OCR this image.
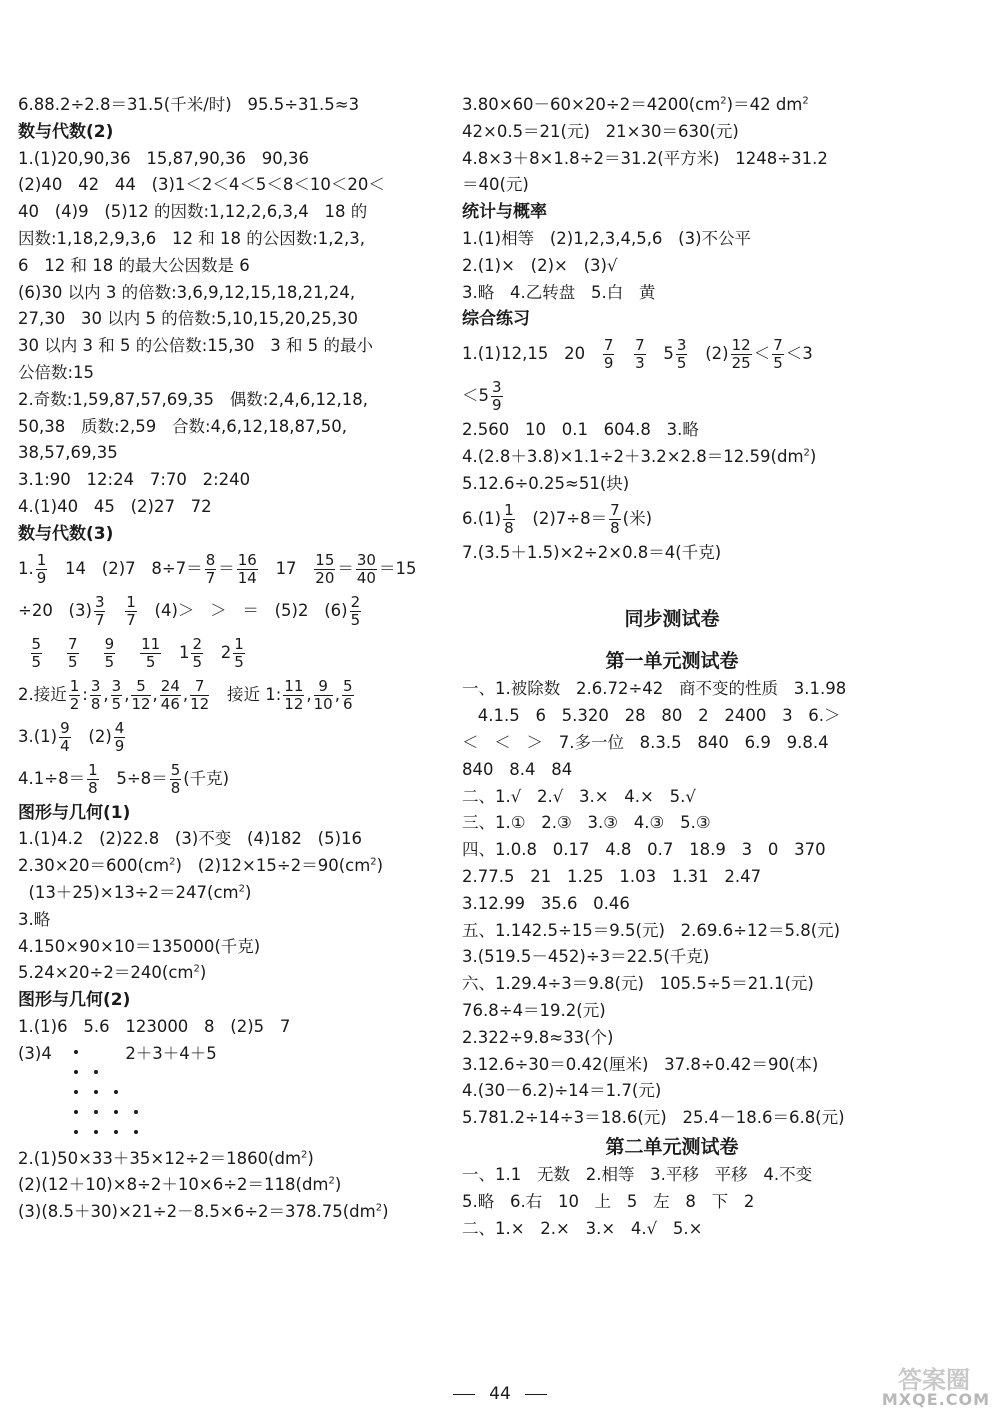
6.88.2÷2.8＝31.5(千米/时)   95.5÷31.5≈3
数与代数(2)
1.(1)20,90,36   15,87,90,36   90,36
(2)40   42   44   (3)1＜2＜4＜5＜8＜10＜20＜
40   (4)9   (5)12 的因数:1,12,2,6,3,4   18 的
因数:1,18,2,9,3,6   12 和 18 的公因数:1,2,3,
6   12 和 18 的最大公因数是 6
(6)30 以内 3 的倍数:3,6,9,12,15,18,21,24,
27,30   30 以内 5 的倍数:5,10,15,20,25,30
30 以内 3 和 5 的公倍数:15,30   3 和 5 的最小
公倍数:15
2.奇数:1,59,87,57,69,35   偶数:2,4,6,12,18,
50,38   质数:2,59   合数:4,6,12,18,87,50,
38,57,69,35
3.1:90   12:24   7:70   2:240
4.(1)40   45   (2)27   72
数与代数(3)
1. $\frac{1}{9} 14$   (2)7   $8\div 7= \frac{8}{7} = \frac{16}{14} 17 \frac{15}{20} = \frac{30}{40} =15$
÷20   $(3) \frac{3}{7}$
$\frac{1}{7} (4)>$   ＞   ＝   (5)2   $(6) \frac{2}{5}$

$\frac{5}{5}$
$\frac{7}{5}$
$\frac{9}{5}$
$\frac{11}{5} 1 \frac{2}{5} 2 \frac{1}{5}$
2.接近 $\frac{1}{2}$ : $\frac{3}{8}$ , $\frac{3}{5}$ , $\frac{5}{12}$ , $\frac{24}{46}$ , $\frac{7}{12}$ 接近 1: $\frac{11}{12}$ , $\frac{9}{10}$ , $\frac{5}{6}$
$3.(1) \frac{9}{4} (2) \frac{4}{9}$
$4.1\div 8= \frac{1}{8} 5\div 8= \frac{5}{8}$ (千克)
图形与几何(1)
1.(1)4.2   (2)22.8   (3)不变   (4)182   (5)16
$2.30\times 20=600(cm^2)$   $(2)12\times 15\div 2=90(cm^2)$
$(13+25)\times 13\div 2=247(cm^2)$
3.略
4.150×90×10＝135000(千克)
$5.24\times 20\div 2=240(cm^2)$
图形与几何(2)
1.(1)6   5.6   123000   8   (2)5   7
(3)4	2＋3＋4＋5
$2.(1)50\times 33+35\times 12\div 2=1860(dm^2)$
$(2)(12+10)\times 8\div 2+10\times 6\div 2=118(dm^2)$
$(3)(8.5+30)\times 21\div 2-8.5\times 6\div 2=378.75(dm^2)$
$3.80\times 60-60\times 20\div 2=4200(cm^2)=42$ $dm^2$
42×0.5＝21(元)   21×30＝630(元)
4.8×3＋8×1.8÷2＝31.2(平方米)   1248÷31.2
＝40(元)
统计与概率
1.(1)相等   (2)1,2,3,4,5,6   (3)不公平
2.(1)×   (2)×   (3)√
3.略   4.乙转盘   5.白   黄
综合练习
1.(1)12,15   $20 \frac{7}{9}$
$\frac{7}{3} 5 \frac{3}{5} (2) \frac{12}{25} < \frac{7}{5} <3$
$<5 \frac{3}{9}$
2.560   10   0.1   604.8   3.略
$4.(2.8+3.8)\times 1.1\div 2+3.2\times 2.8=12.59(dm^2)$
5.12.6÷0.25≈51(块)
$6.(1) \frac{1}{8} (2)7\div 8= \frac{7}{8}$ (米)
7.(3.5＋1.5)×2÷2×0.8＝4(千克)
同步测试卷
第一单元测试卷
一、1.被除数   2.6.72÷42   商不变的性质   3.1.98
4.1.5   6   5.320   28   80   2   2400   3   6.＞
＜   ＜   ＞   7.多一位   8.3.5   840   6.9   9.8.4
840   8.4   84
二、1.√   2.√   3.×   4.×   5.√
三、1.①   2.③   3.③   4.③   5.③
四、1.0.8   0.17   4.8   0.7   18.9   3   0   370
2.77.5   21   1.25   1.03   1.31   2.47
3.12.99   35.6   0.46
五、1.142.5÷15＝9.5(元)   2.69.6÷12＝5.8(元)
3.(519.5－452)÷3＝22.5(千克)
六、1.29.4÷3＝9.8(元)   105.5÷5＝21.1(元)
76.8÷4＝19.2(元)
2.322÷9.8≈33(个)
3.12.6÷30＝0.42(厘米)   37.8÷0.42＝90(本)
4.(30－6.2)÷14＝1.7(元)
5.781.2÷14÷3＝18.6(元)   25.4－18.6＝6.8(元)
第二单元测试卷
一、1.1   无数   2.相等   3.平移   平移   4.不变
5.略   6.右   10   上   5   左   8   下   2
二、1.×   2.×   3.×   4.√   5.×
44	答案圈
MXQE.COM
